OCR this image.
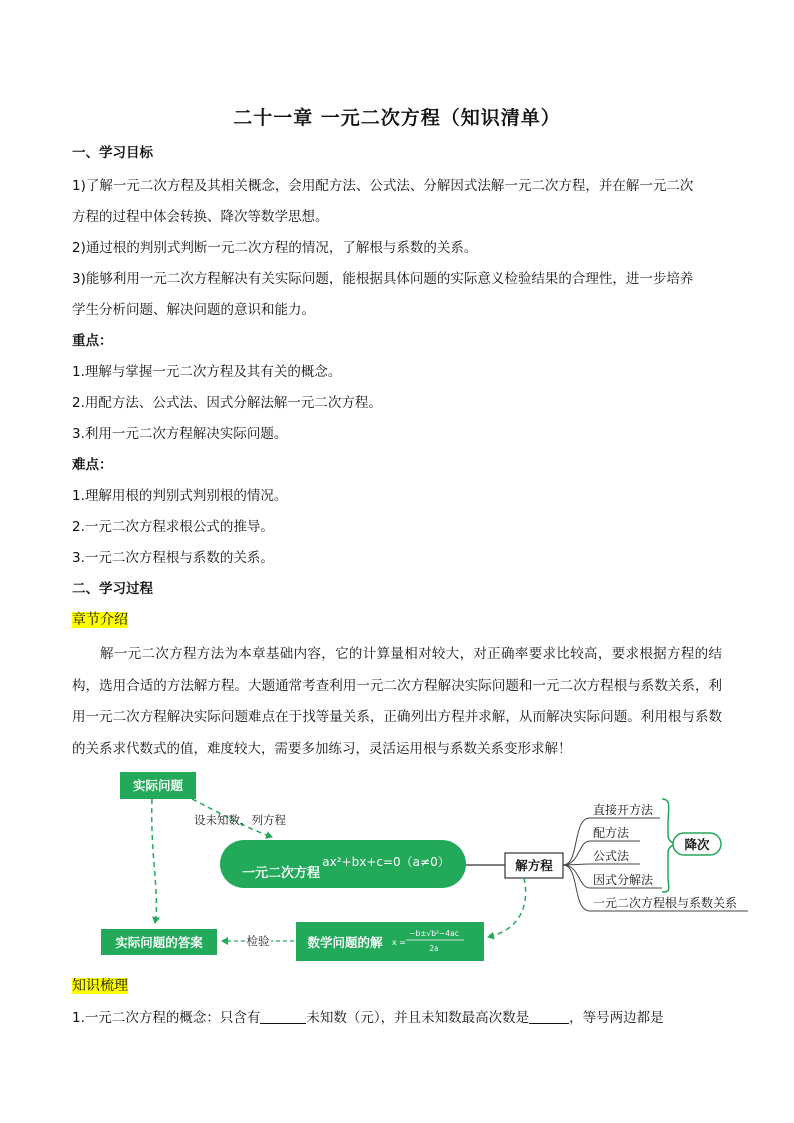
二十一章 一元二次方程（知识清单）
一、学习目标
1)了解一元二次方程及其相关概念，会用配方法、公式法、分解因式法解一元二次方程，并在解一元二次
方程的过程中体会转换、降次等数学思想。
2)通过根的判别式判断一元二次方程的情况，了解根与系数的关系。
3)能够利用一元二次方程解决有关实际问题，能根据具体问题的实际意义检验结果的合理性，进一步培养
学生分析问题、解决问题的意识和能力。
重点：
1.理解与掌握一元二次方程及其有关的概念。
2.用配方法、公式法、因式分解法解一元二次方程。
3.利用一元二次方程解决实际问题。
难点：
1.理解用根的判别式判别根的情况。
2.一元二次方程求根公式的推导。
3.一元二次方程根与系数的关系。
二、学习过程
章节介绍

解一元二次方程方法为本章基础内容，它的计算量相对较大，对正确率要求比较高，要求根据方程的结构，选用合适的方法解方程。大题通常考查利用一元二次方程解决实际问题和一元二次方程根与系数关系，利用一元二次方程解决实际问题难点在于找等量关系，正确列出方程并求解，从而解决实际问题。利用根与系数的关系求代数式的值，难度较大，需要多加练习，灵活运用根与系数关系变形求解！

实际问题
设未知数，列方程
一元二次方程
ax²+bx+c=0（a≠0）	解方程
直接开方法
配方法
公式法
因式分解法
一元二次方程根与系数关系
降次
数学问题的解 x =
−b±√b²−4ac
2a
检验
实际问题的答案
知识梳理
1.一元二次方程的概念：只含有	未知数（元），并且未知数最高次数是	，等号两边都是
